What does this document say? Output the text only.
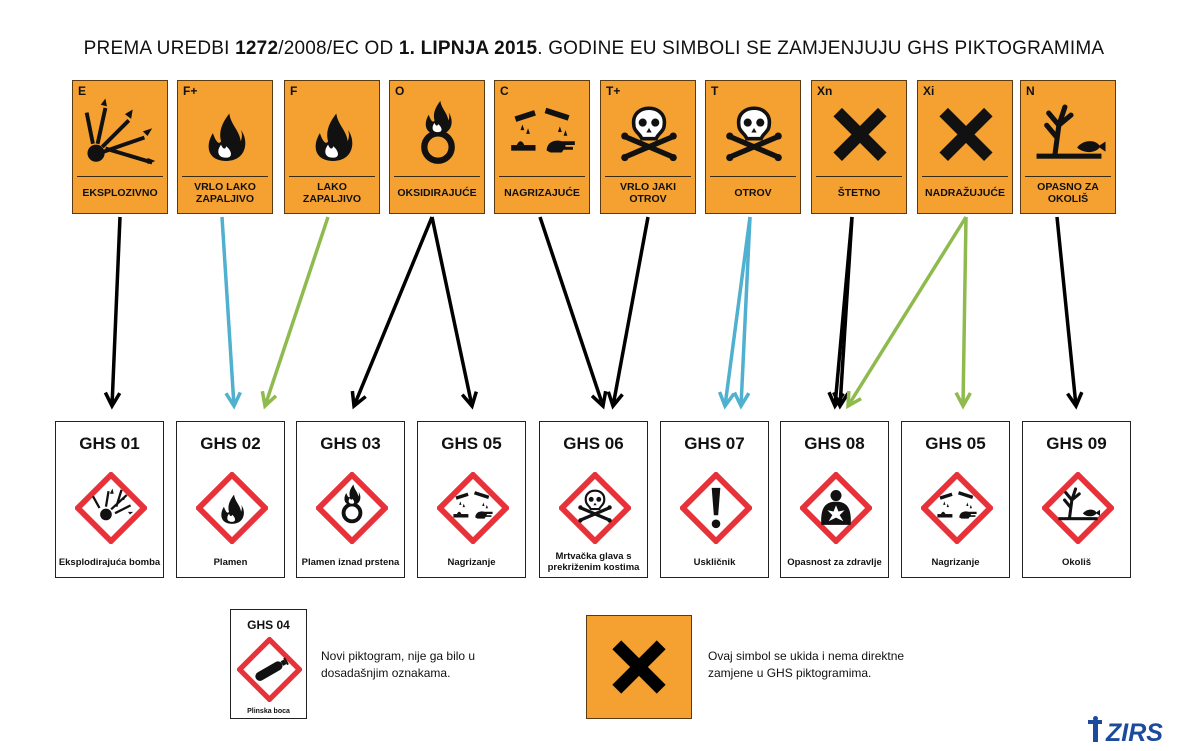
PREMA UREDBI 1272/2008/EC OD 1. LIPNJA 2015. GODINE EU SIMBOLI SE ZAMJENJUJU GHS PIKTOGRAMIMA
E
EKSPLOZIVNO
F+
VRLO LAKO
ZAPALJIVO
F
LAKO
ZAPALJIVO
O
OKSIDIRAJUĆE
C
NAGRIZAJUĆE
T+
VRLO JAKI
OTROV
T
OTROV
Xn
ŠTETNO
Xi
NADRAŽUJUĆE
N
OPASNO ZA
OKOLIŠ
GHS 01
Eksplodirajuća bomba
GHS 02
Plamen
GHS 03
Plamen iznad prstena
GHS 05
Nagrizanje
GHS 06
Mrtvačka glava s
prekriženim kostima
GHS 07
Uskličnik
GHS 08
Opasnost za zdravlje
GHS 05
Nagrizanje
GHS 09
Okoliš
GHS 04
Plinska boca
Novi piktogram, nije ga bilo u
dosadašnjim oznakama.
Ovaj simbol se ukida i nema direktne
zamjene u GHS piktogramima.
ZIRS
